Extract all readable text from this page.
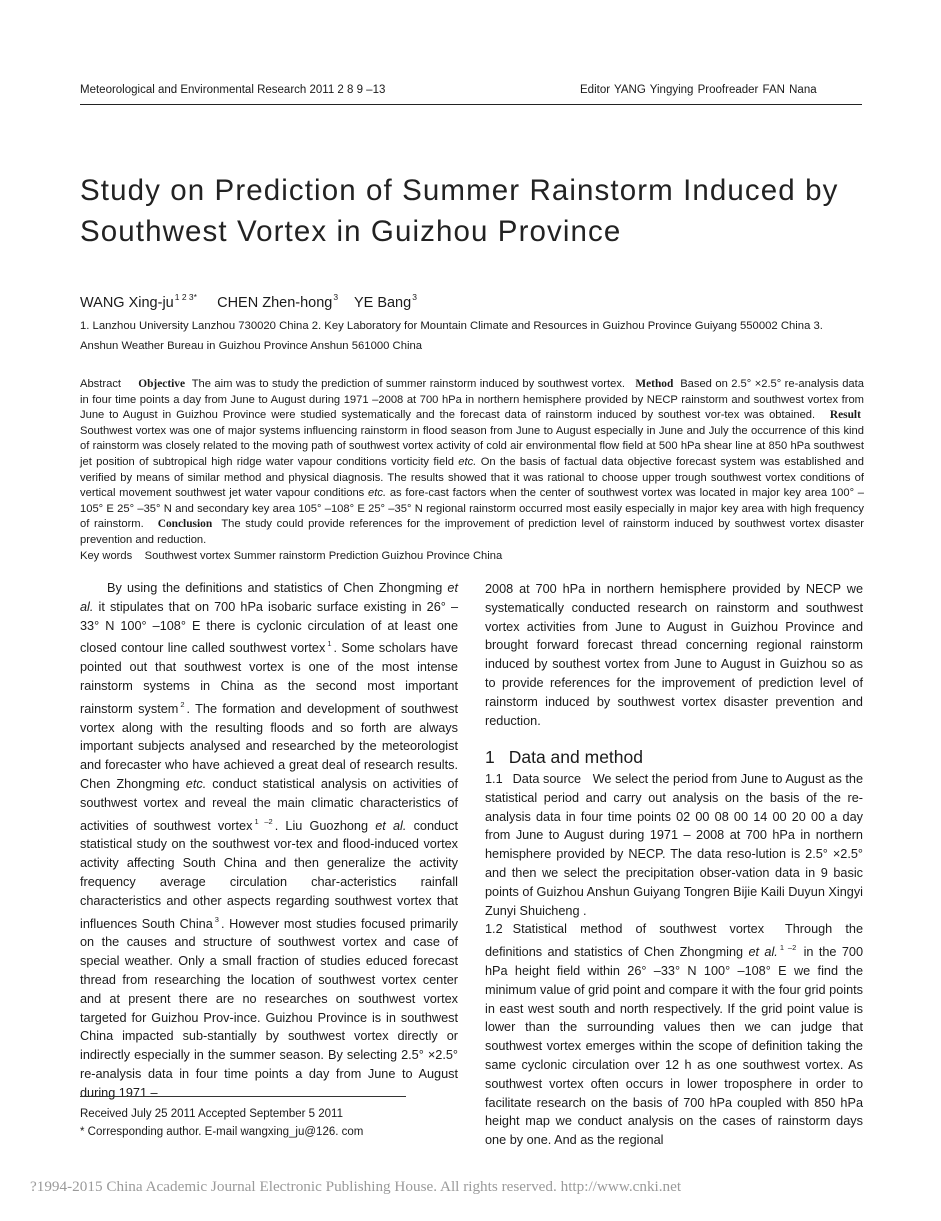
Meteorological and Environmental Research 2011 2 8 9 –13	Editor YANG Yingying Proofreader FAN Nana
Study on Prediction of Summer Rainstorm Induced by Southwest Vortex in Guizhou Province
WANG Xing-$ju^{1 2 3*}$ CHEN Zhen-hong$^3$ YE Bang$^3$
1. Lanzhou University Lanzhou 730020 China 2. Key Laboratory for Mountain Climate and Resources in Guizhou Province Guiyang 550002 China 3. Anshun Weather Bureau in Guizhou Province Anshun 561000 China
Abstract Objective The aim was to study the prediction of summer rainstorm induced by southwest vortex. Method Based on 2.5° ×2.5° re-analysis data in four time points a day from June to August during 1971 –2008 at 700 hPa in northern hemisphere provided by NECP rainstorm and southwest vortex from June to August in Guizhou Province were studied systematically and the forecast data of rainstorm induced by southest vor-tex was obtained. Result  Southwest vortex was one of major systems influencing rainstorm in flood season from June to August especially in June and July the occurrence of this kind of rainstorm was closely related to the moving path of southwest vortex activity of cold air environmental flow field at 500 hPa shear line at 850 hPa southwest jet position of subtropical high ridge water vapour conditions vorticity field etc. On the basis of factual data objective forecast system was established and verified by means of similar method and physical diagnosis. The results showed that it was rational to choose upper trough southwest vortex conditions of vertical movement southwest jet water vapour conditions etc. as fore-cast factors when the center of southwest vortex was located in major key area 100° –105° E 25° –35° N and secondary key area 105° –108° E 25° –35° N regional rainstorm occurred most easily especially in major key area with high frequency of rainstorm. Conclusion The study could provide references for the improvement of prediction level of rainstorm induced by southwest vortex disaster prevention and reduction.
Key words Southwest vortex Summer rainstorm Prediction Guizhou Province China

By using the definitions and statistics of Chen Zhongming et al. it stipulates that on 700 hPa isobaric surface existing in 26° –33° N 100° –108° E there is cyclonic circulation of at least one closed contour line called southwest vortex $^1$ . Some scholars have pointed out that southwest vortex is one of the most intense rainstorm systems in China as the second most important rainstorm system $^2$ . The formation and development of southwest vortex along with the resulting floods and so forth are always important subjects analysed and researched by the meteorologist and forecaster who have achieved a great deal of research results. Chen Zhongming etc. conduct statistical analysis on activities of southwest vortex and reveal the main climatic characteristics of activities of southwest vortex $^{1 -2}$ . Liu Guozhong et al. conduct statistical study on the southwest vor-tex and flood-induced vortex activity affecting South China and then generalize the activity frequency average circulation char-acteristics rainfall characteristics and other aspects regarding southwest vortex that influences South China $^3$ . However most studies focused primarily on the causes and structure of southwest vortex and case of special weather. Only a small fraction of studies educed forecast thread from researching the location of southwest vortex center and at present there are no researches on southwest vortex targeted for Guizhou Prov-ince. Guizhou Province is in southwest China impacted sub-stantially by southwest vortex directly or indirectly especially in the summer season. By selecting 2.5° ×2.5° re-analysis data in four time points a day from June to August during 1971 –

2008 at 700 hPa in northern hemisphere provided by NECP we systematically conducted research on rainstorm and southwest vortex activities from June to August in Guizhou Province and brought forward forecast thread concerning regional rainstorm induced by southest vortex from June to August in Guizhou so as to provide references for the improvement of prediction level of rainstorm induced by southwest vortex disaster prevention and reduction.

1 Data and method

1.1 Data source We select the period from June to August as the statistical period and carry out analysis on the basis of the re-analysis data in four time points 02 00 08 00 14 00 20 00 a day from June to August during 1971 – 2008 at 700 hPa in northern hemisphere provided by NECP. The data reso-lution is 2.5° ×2.5° and then we select the precipitation obser-vation data in 9 basic points of Guizhou Anshun Guiyang Tongren Bijie Kaili Duyun Xingyi Zunyi Shuicheng .

1.2 Statistical method of southwest vortex Through the definitions and statistics of Chen Zhongming et al. $^{1 -2}$ in the 700 hPa height field within 26° –33° N 100° –108° E we find the minimum value of grid point and compare it with the four grid points in east west south and north respectively. If the grid point value is lower than the surrounding values then we can judge that southwest vortex emerges within the scope of definition taking the same cyclonic circulation over 12 h as one southwest vortex. As southwest vortex often occurs in lower troposphere in order to facilitate research on the basis of 700 hPa coupled with 850 hPa height map we conduct analysis on the cases of rainstorm days one by one. And as the regional

Received July 25 2011 Accepted September 5 2011
* Corresponding author. E-mail wangxing_ju@126. com
?1994-2015 China Academic Journal Electronic Publishing House. All rights reserved. http://www.cnki.net
